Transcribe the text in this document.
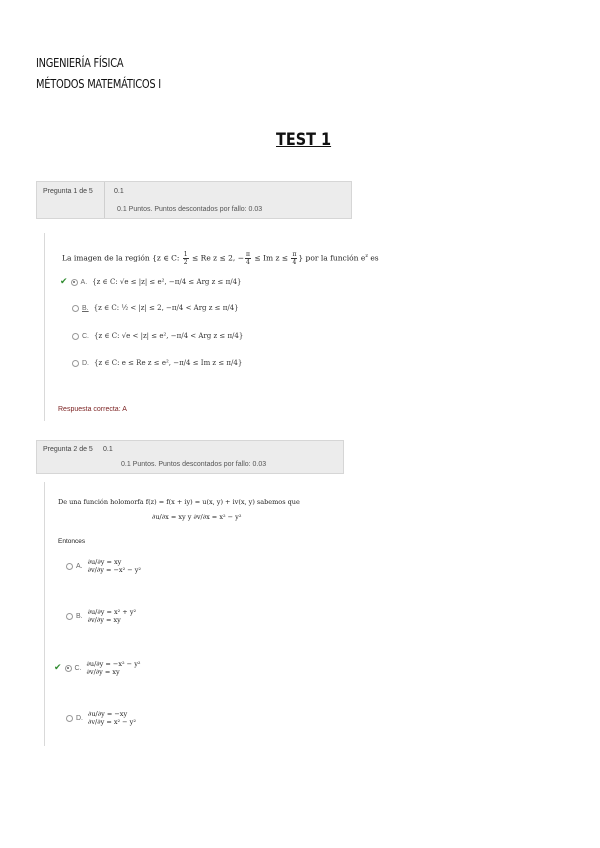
INGENIERÍA FÍSICA
MÉTODOS MATEMÁTICOS I
TEST 1
Pregunta 1 de 5	0.1
0.1 Puntos. Puntos descontados por fallo: 0.03
La imagen de la región {z ∈ C: $\frac{1}{2} \le Re$ z ≤ 2, − $\frac{\pi}{4} \le Im$ $z \le \frac{\pi}{4}$ } por la función $e^z$ es
✔ A. {z ∈ C: √e ≤ |z| ≤ e², −π/4 ≤ Arg z ≤ π/4}
B. {z ∈ C: ½ < |z| ≤ 2, −π/4 < Arg z ≤ π/4}
C. {z ∈ C: √e < |z| ≤ e², −π/4 < Arg z ≤ π/4}
D. {z ∈ C: e ≤ Re z ≤ e², −π/4 ≤ Im z ≤ π/4}
Respuesta correcta: A
Pregunta 2 de 5 0.1
0.1 Puntos. Puntos descontados por fallo: 0.03
De una función holomorfa f(z) = f(x + iy) = u(x, y) + iv(x, y) sabemos que
∂u/∂x = xy y ∂v/∂x = x² − y²
Entonces
A. ∂u/∂y = xy
∂v/∂y = −x² − y²
B. ∂u/∂y = x² + y²
∂v/∂y = xy
✔ C. ∂u/∂y = −x² − y²
∂v/∂y = xy
D. ∂u/∂y = −xy
∂v/∂y = x² − y²
